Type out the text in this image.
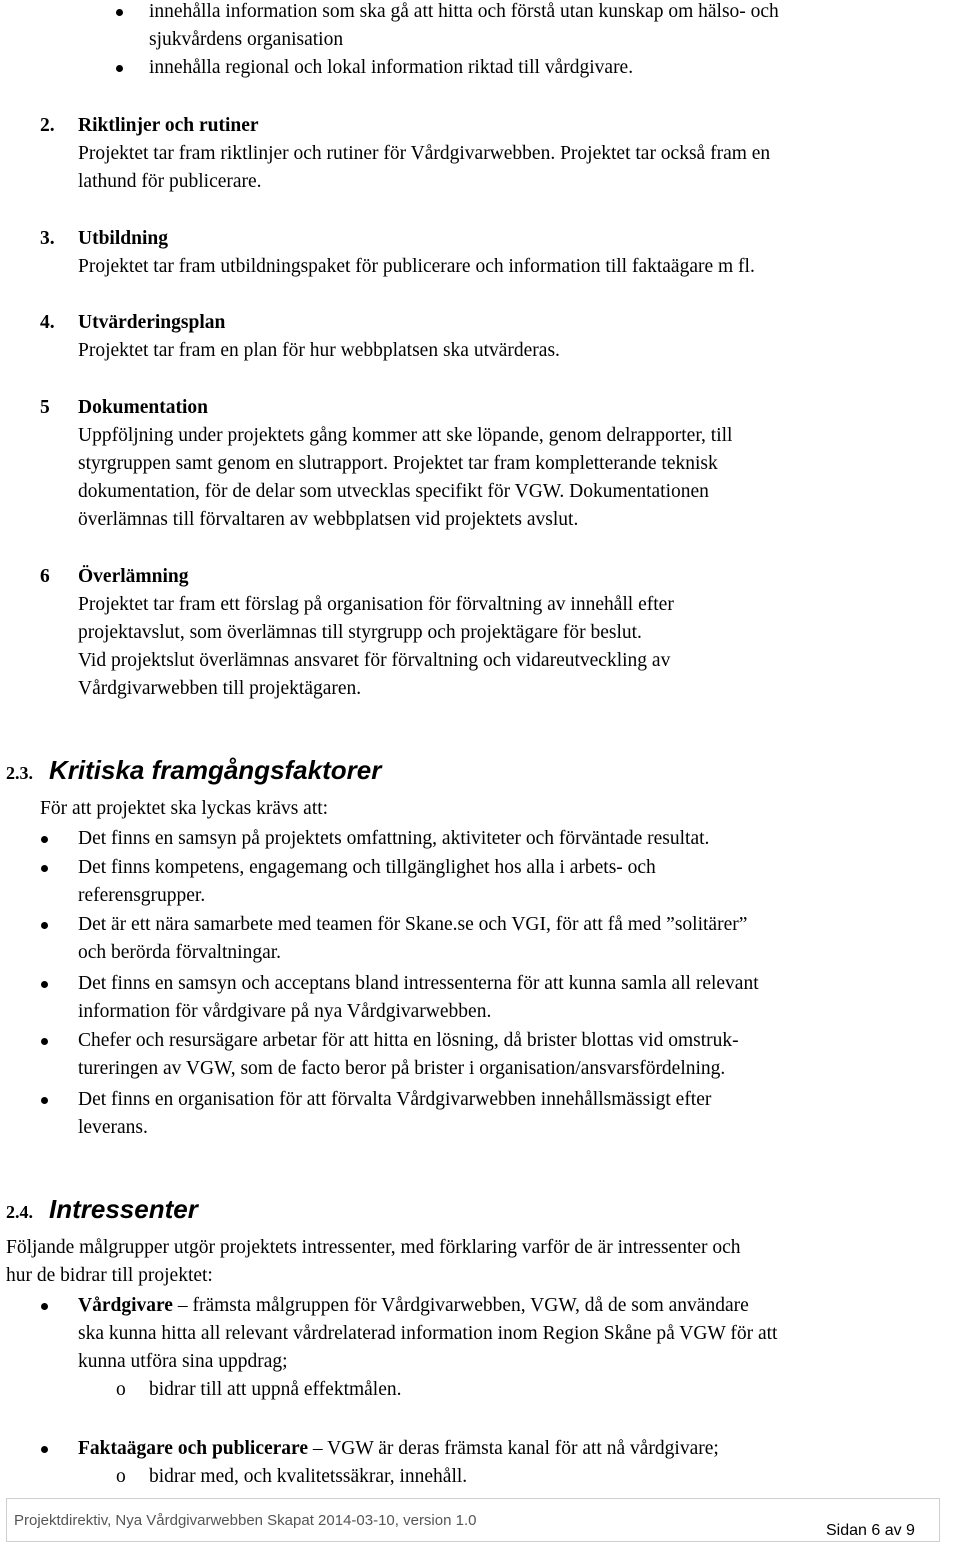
innehålla information som ska gå att hitta och förstå utan kunskap om hälso- och
sjukvårdens organisation
innehålla regional och lokal information riktad till vårdgivare.
2. Riktlinjer och rutiner
Projektet tar fram riktlinjer och rutiner för Vårdgivarwebben. Projektet tar också fram en
lathund för publicerare.
3. Utbildning
Projektet tar fram utbildningspaket för publicerare och information till faktaägare m fl.
4. Utvärderingsplan
Projektet tar fram en plan för hur webbplatsen ska utvärderas.
5 Dokumentation
Uppföljning under projektets gång kommer att ske löpande, genom delrapporter, till
styrgruppen samt genom en slutrapport. Projektet tar fram kompletterande teknisk
dokumentation, för de delar som utvecklas specifikt för VGW. Dokumentationen
överlämnas till förvaltaren av webbplatsen vid projektets avslut.
6 Överlämning
Projektet tar fram ett förslag på organisation för förvaltning av innehåll efter
projektavslut, som överlämnas till styrgrupp och projektägare för beslut.
Vid projektslut överlämnas ansvaret för förvaltning och vidareutveckling av
Vårdgivarwebben till projektägaren.
2.3. Kritiska framgångsfaktorer
För att projektet ska lyckas krävs att:
Det finns en samsyn på projektets omfattning, aktiviteter och förväntade resultat.
Det finns kompetens, engagemang och tillgänglighet hos alla i arbets- och
referensgrupper.
Det är ett nära samarbete med teamen för Skane.se och VGI, för att få med ”solitärer”
och berörda förvaltningar.
Det finns en samsyn och acceptans bland intressenterna för att kunna samla all relevant
information för vårdgivare på nya Vårdgivarwebben.
Chefer och resursägare arbetar för att hitta en lösning, då brister blottas vid omstruk-
tureringen av VGW, som de facto beror på brister i organisation/ansvarsfördelning.
Det finns en organisation för att förvalta Vårdgivarwebben innehållsmässigt efter
leverans.
2.4. Intressenter
Följande målgrupper utgör projektets intressenter, med förklaring varför de är intressenter och
hur de bidrar till projektet:
Vårdgivare – främsta målgruppen för Vårdgivarwebben, VGW, då de som användare
ska kunna hitta all relevant vårdrelaterad information inom Region Skåne på VGW för att
kunna utföra sina uppdrag;
o bidrar till att uppnå effektmålen.
Faktaägare och publicerare – VGW är deras främsta kanal för att nå vårdgivare;
o bidrar med, och kvalitetssäkrar, innehåll.
Projektdirektiv, Nya Vårdgivarwebben Skapat 2014-03-10, version 1.0
Sidan 6 av 9
